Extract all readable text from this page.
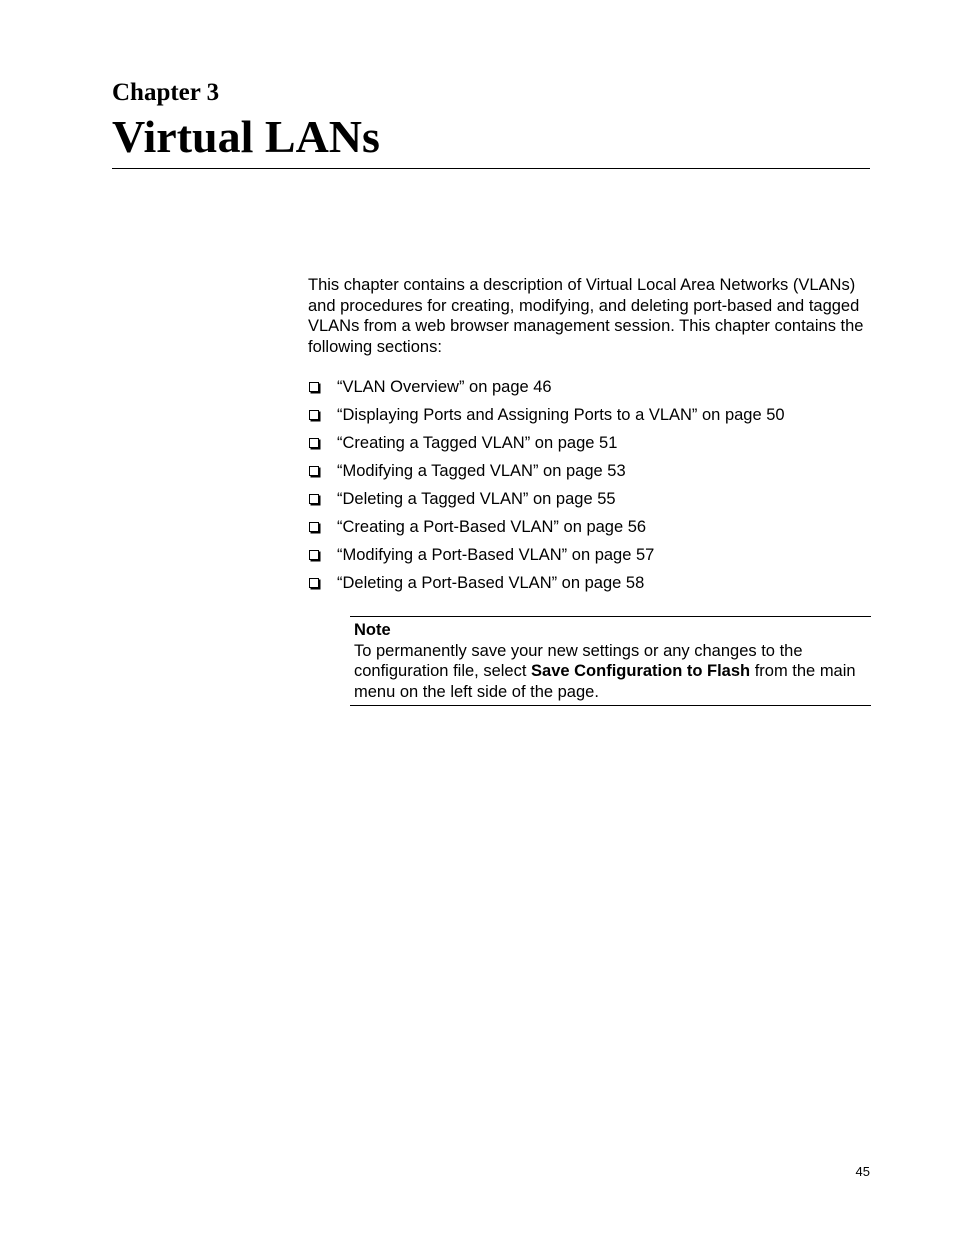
Chapter 3
Virtual LANs

This chapter contains a description of Virtual Local Area Networks (VLANs) and procedures for creating, modifying, and deleting port-based and tagged VLANs from a web browser management session. This chapter contains the following sections:

“VLAN Overview” on page 46
“Displaying Ports and Assigning Ports to a VLAN” on page 50
“Creating a Tagged VLAN” on page 51
“Modifying a Tagged VLAN” on page 53
“Deleting a Tagged VLAN” on page 55
“Creating a Port-Based VLAN” on page 56
“Modifying a Port-Based VLAN” on page 57
“Deleting a Port-Based VLAN” on page 58
Note

To permanently save your new settings or any changes to the configuration file, select Save Configuration to Flash from the main menu on the left side of the page.

45
